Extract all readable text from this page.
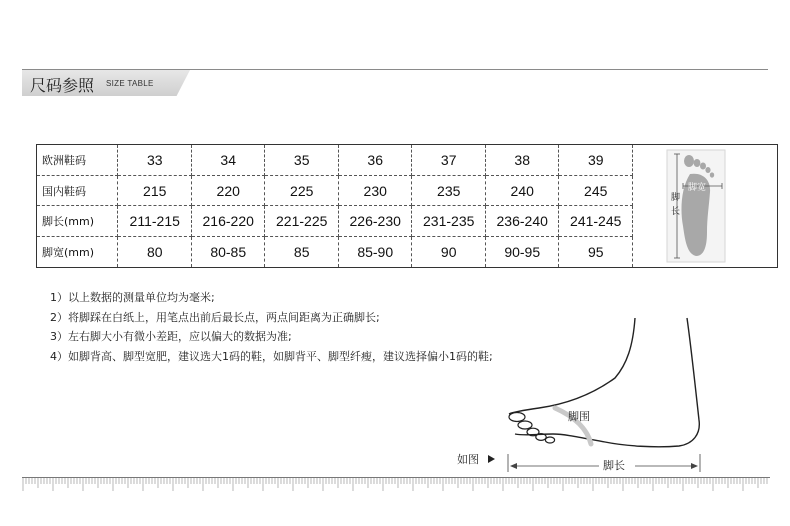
尺码参照 SIZE TABLE
欧洲鞋码	33	34	35	36	37	38	39
国内鞋码	215	220	225	230	235	240	245
脚长(mm)	211-215	216-220	221-225	226-230	231-235	236-240	241-245
脚宽(mm)	80	80-85	85	85-90	90	90-95	95
脚
长
脚宽
1）以上数据的测量单位均为毫米;
2）将脚踩在白纸上，用笔点出前后最长点，两点间距离为正确脚长;
3）左右脚大小有微小差距，应以偏大的数据为准;
4）如脚背高、脚型宽肥，建议选大1码的鞋，如脚背平、脚型纤瘦，建议选择偏小1码的鞋;
脚围
如图	脚长
